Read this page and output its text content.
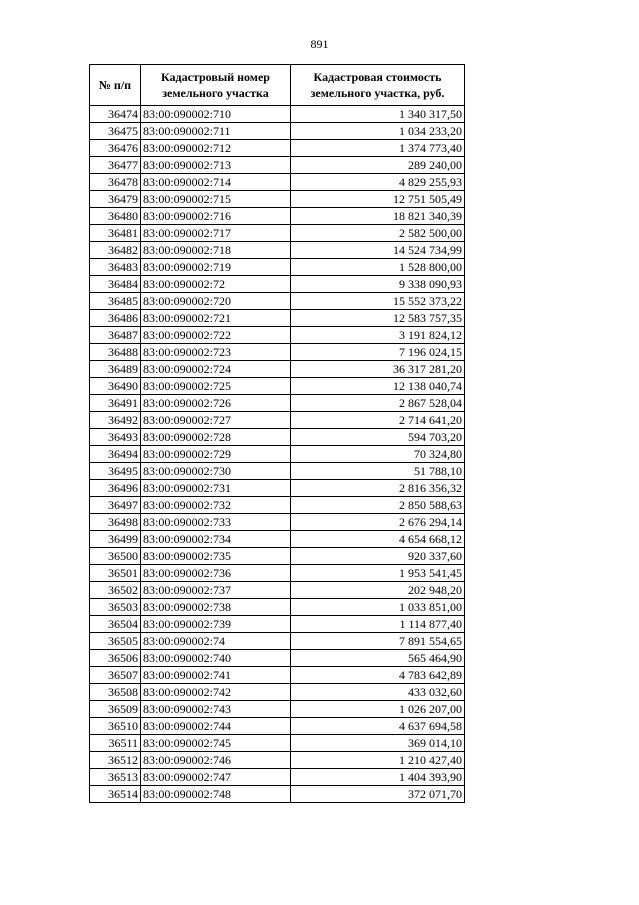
891
№ п/п	Кадастровый номер земельного участка	Кадастровая стоимость земельного участка, руб.
36474	83:00:090002:710	1 340 317,50
36475	83:00:090002:711	1 034 233,20
36476	83:00:090002:712	1 374 773,40
36477	83:00:090002:713	289 240,00
36478	83:00:090002:714	4 829 255,93
36479	83:00:090002:715	12 751 505,49
36480	83:00:090002:716	18 821 340,39
36481	83:00:090002:717	2 582 500,00
36482	83:00:090002:718	14 524 734,99
36483	83:00:090002:719	1 528 800,00
36484	83:00:090002:72	9 338 090,93
36485	83:00:090002:720	15 552 373,22
36486	83:00:090002:721	12 583 757,35
36487	83:00:090002:722	3 191 824,12
36488	83:00:090002:723	7 196 024,15
36489	83:00:090002:724	36 317 281,20
36490	83:00:090002:725	12 138 040,74
36491	83:00:090002:726	2 867 528,04
36492	83:00:090002:727	2 714 641,20
36493	83:00:090002:728	594 703,20
36494	83:00:090002:729	70 324,80
36495	83:00:090002:730	51 788,10
36496	83:00:090002:731	2 816 356,32
36497	83:00:090002:732	2 850 588,63
36498	83:00:090002:733	2 676 294,14
36499	83:00:090002:734	4 654 668,12
36500	83:00:090002:735	920 337,60
36501	83:00:090002:736	1 953 541,45
36502	83:00:090002:737	202 948,20
36503	83:00:090002:738	1 033 851,00
36504	83:00:090002:739	1 114 877,40
36505	83:00:090002:74	7 891 554,65
36506	83:00:090002:740	565 464,90
36507	83:00:090002:741	4 783 642,89
36508	83:00:090002:742	433 032,60
36509	83:00:090002:743	1 026 207,00
36510	83:00:090002:744	4 637 694,58
36511	83:00:090002:745	369 014,10
36512	83:00:090002:746	1 210 427,40
36513	83:00:090002:747	1 404 393,90
36514	83:00:090002:748	372 071,70
